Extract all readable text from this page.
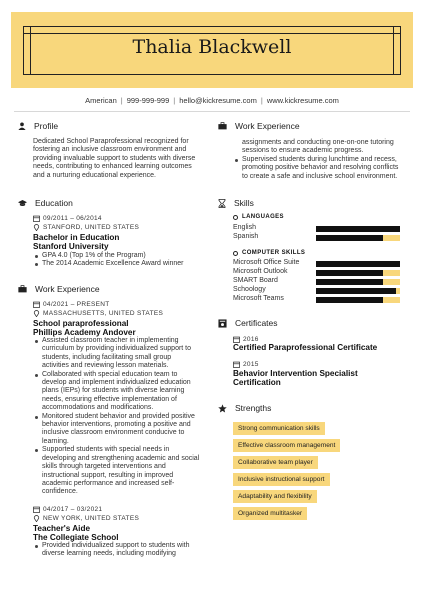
Thalia Blackwell
American | 999-999-999 | hello@kickresume.com | www.kickresume.com
Profile
Dedicated School Paraprofessional recognized for
fostering an inclusive classroom environment and
providing invaluable support to students with diverse
needs, contributing to enhanced learning outcomes
and a nurturing educational experience.
Education
09/2011 – 06/2014
STANFORD, UNITED STATES
Bachelor in Education
Stanford University
GPA 4.0 (Top 1% of the Program)
The 2014 Academic Excellence Award winner
Work Experience
04/2021 – PRESENT
MASSACHUSETTS, UNITED STATES
School paraprofessional
Phillips Academy Andover
Assisted classroom teacher in implementing
curriculum by providing individualized support to
students, including facilitating small group
activities and reviewing lesson materials.
Collaborated with special education team to
develop and implement individualized education
plans (IEPs) for students with diverse learning
needs, ensuring effective implementation of
accommodations and modifications.
Monitored student behavior and provided positive
behavior interventions, promoting a positive and
inclusive classroom environment conducive to
learning.
Supported students with special needs in
developing and strengthening academic and social
skills through targeted interventions and
instructional support, resulting in improved
academic performance and increased self-
confidence.
04/2017 – 03/2021
NEW YORK, UNITED STATES
Teacher's Aide
The Collegiate School
Provided individualized support to students with
diverse learning needs, including modifying
Work Experience
assignments and conducting one-on-one tutoring
sessions to ensure academic progress.
Supervised students during lunchtime and recess,
promoting positive behavior and resolving conflicts
to create a safe and inclusive school environment.
Skills
LANGUAGES
English
Spanish
COMPUTER SKILLS
Microsoft Office Suite
Microsoft Outlook
SMART Board
Schoology
Microsoft Teams
Certificates
2016
Certified Paraprofessional Certificate
2015
Behavior Intervention Specialist
Certification
Strengths
Strong communication skills
Effective classroom management
Collaborative team player
Inclusive instructional support
Adaptability and flexibility
Organized multitasker
